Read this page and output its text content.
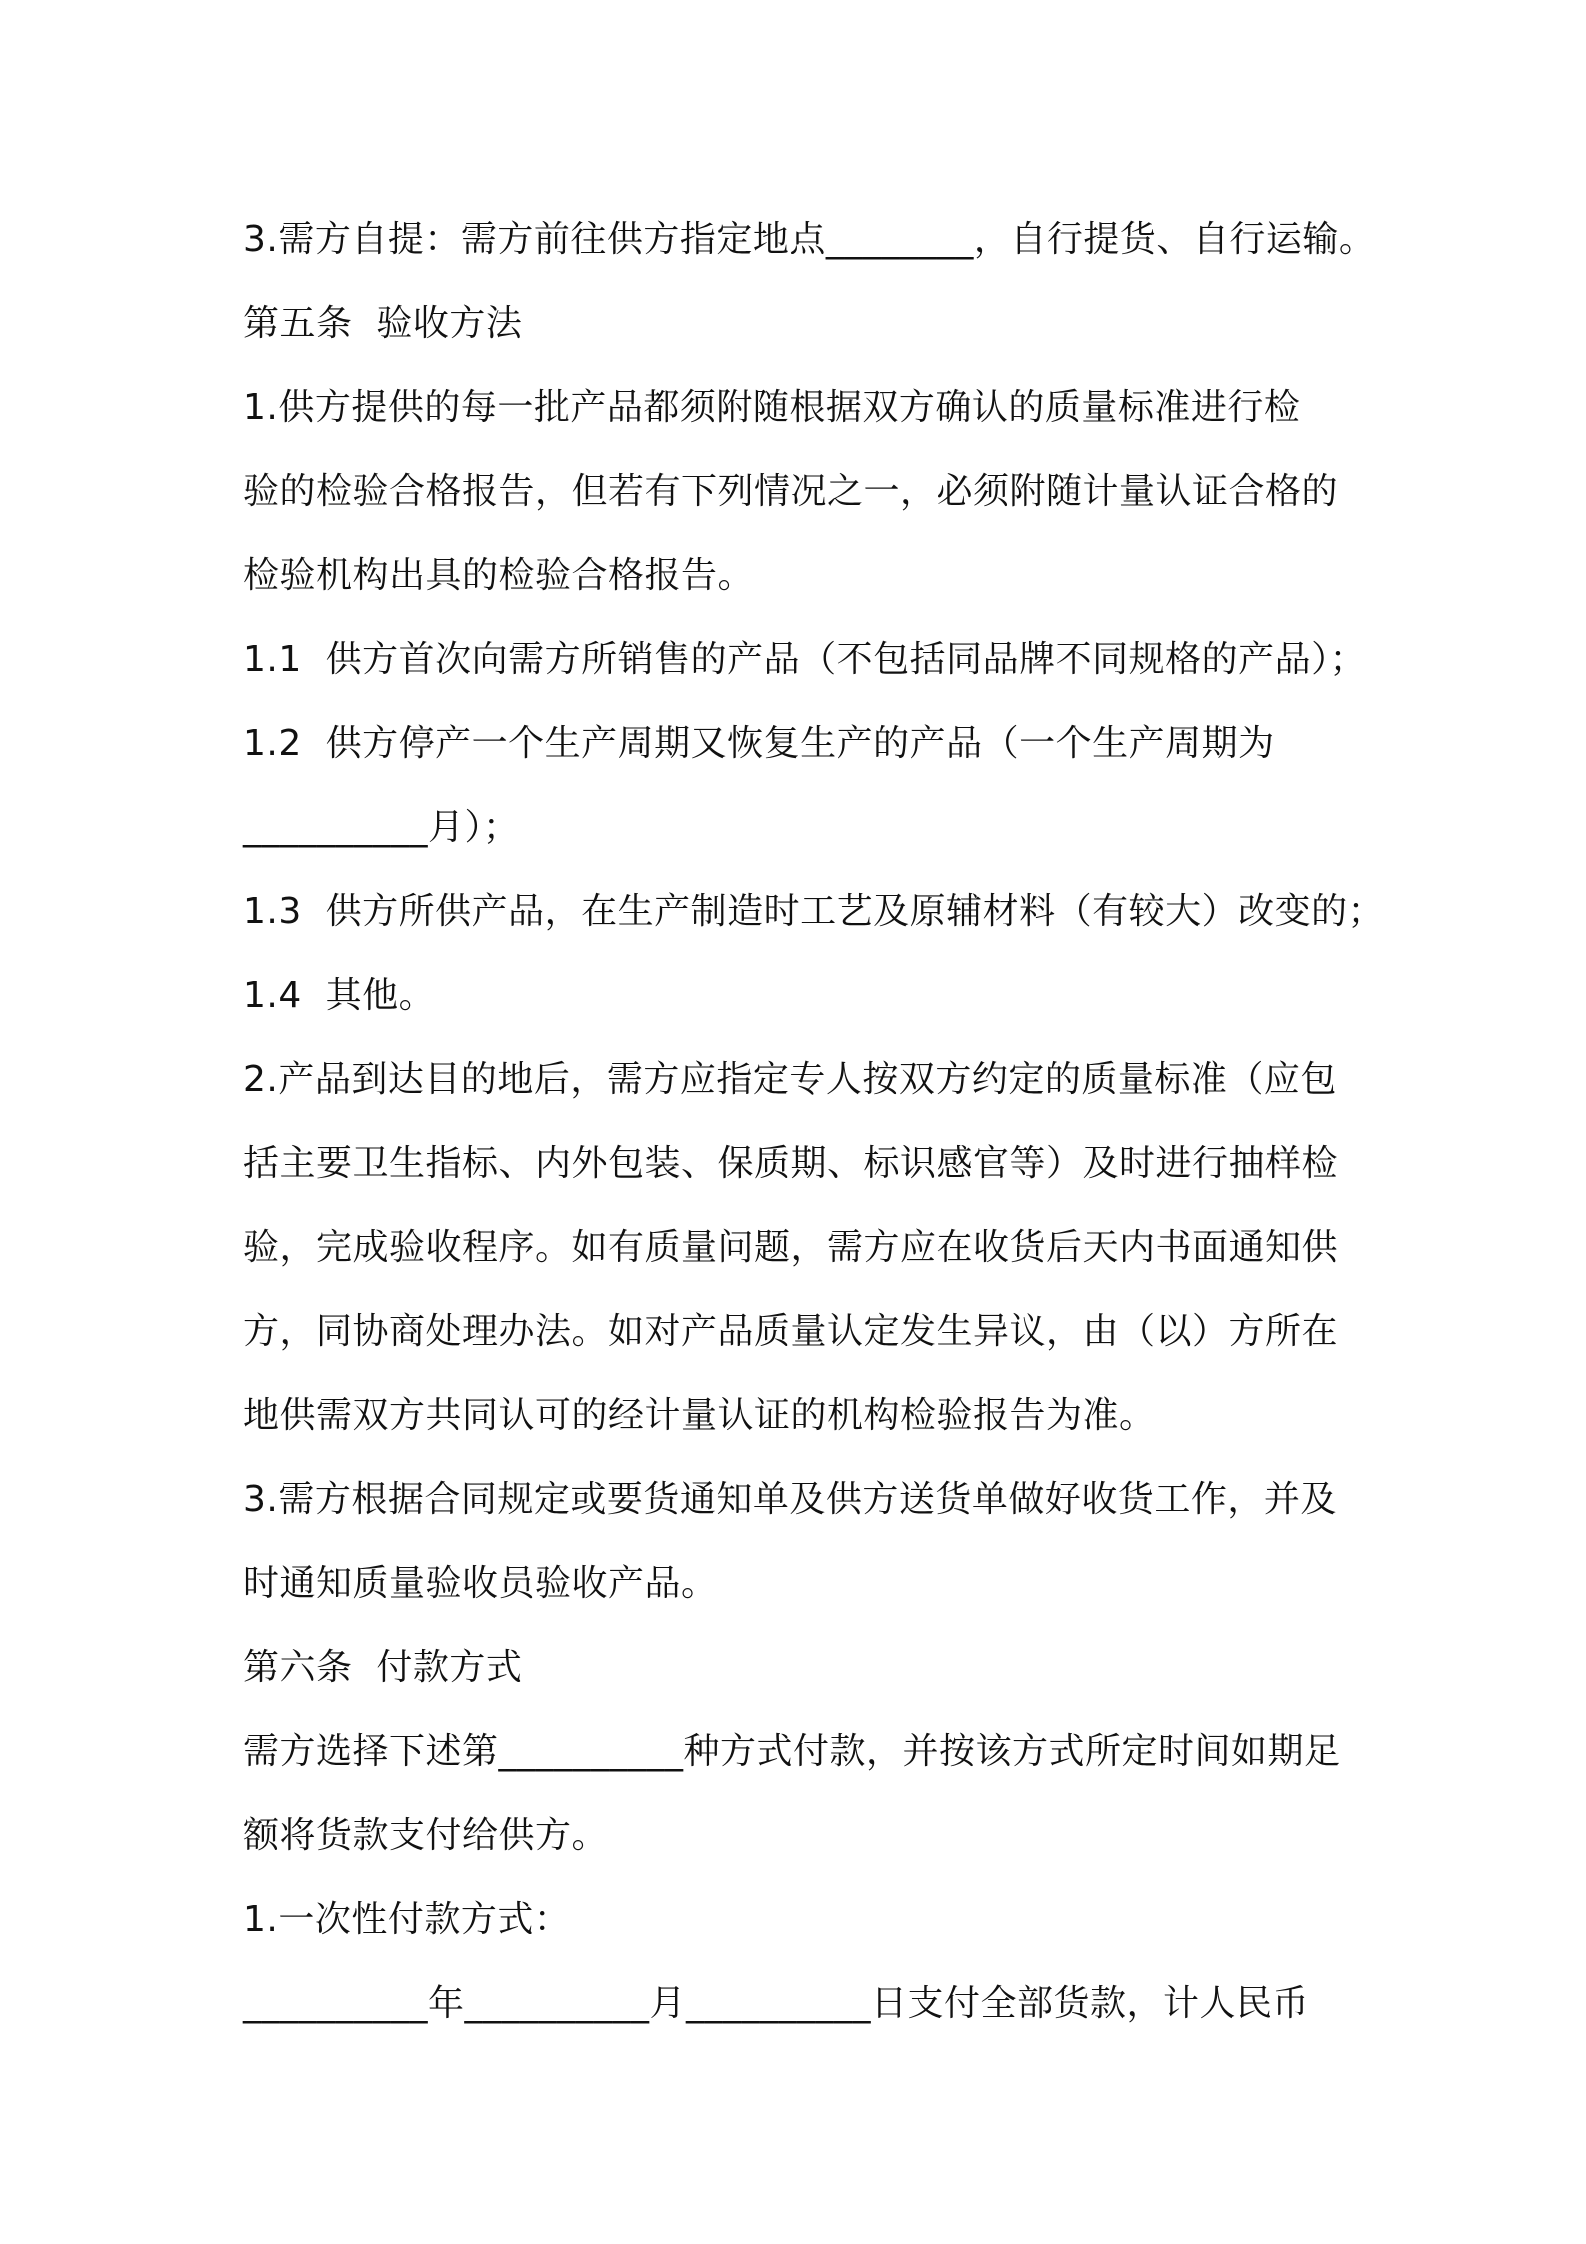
3.需方自提：需方前往供方指定地点________，自行提货、自行运输。
第五条  验收方法
1.供方提供的每一批产品都须附随根据双方确认的质量标准进行检
验的检验合格报告，但若有下列情况之一，必须附随计量认证合格的
检验机构出具的检验合格报告。
1.1  供方首次向需方所销售的产品（不包括同品牌不同规格的产品）；
1.2  供方停产一个生产周期又恢复生产的产品（一个生产周期为
__________月）；
1.3  供方所供产品，在生产制造时工艺及原辅材料（有较大）改变的；
1.4  其他。
2.产品到达目的地后，需方应指定专人按双方约定的质量标准（应包
括主要卫生指标、内外包装、保质期、标识感官等）及时进行抽样检
验，完成验收程序。如有质量问题，需方应在收货后天内书面通知供
方，同协商处理办法。如对产品质量认定发生异议，由（以）方所在
地供需双方共同认可的经计量认证的机构检验报告为准。
3.需方根据合同规定或要货通知单及供方送货单做好收货工作，并及
时通知质量验收员验收产品。
第六条  付款方式
需方选择下述第__________种方式付款，并按该方式所定时间如期足
额将货款支付给供方。
1.一次性付款方式：
__________年__________月__________日支付全部货款，计人民币
